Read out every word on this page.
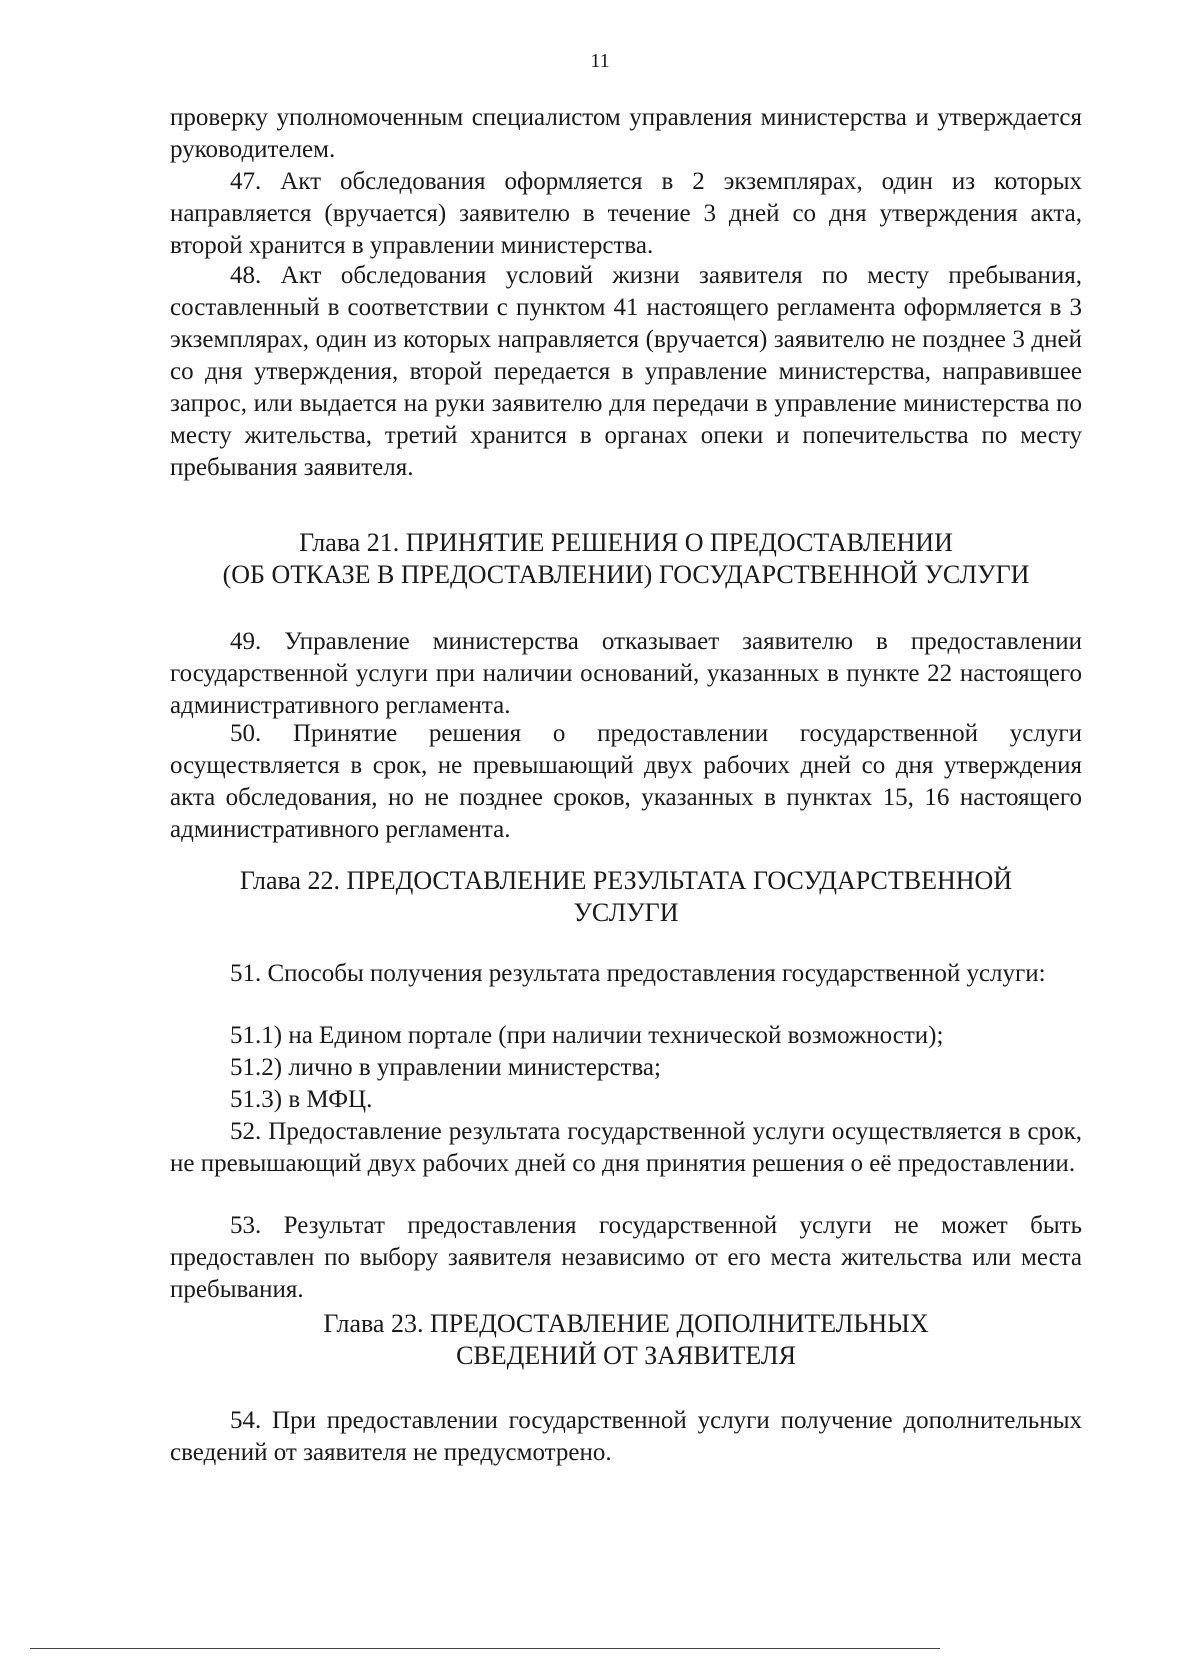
11

проверку уполномоченным специалистом управления министерства и утверждается руководителем.

47. Акт обследования оформляется в 2 экземплярах, один из которых направляется (вручается) заявителю в течение 3 дней со дня утверждения акта, второй хранится в управлении министерства.

48. Акт обследования условий жизни заявителя по месту пребывания, составленный в соответствии с пунктом 41 настоящего регламента оформляется в 3 экземплярах, один из которых направляется (вручается) заявителю не позднее 3 дней со дня утверждения, второй передается в управление министерства, направившее запрос, или выдается на руки заявителю для передачи в управление министерства по месту жительства, третий хранится в органах опеки и попечительства по месту пребывания заявителя.

Глава 21. ПРИНЯТИЕ РЕШЕНИЯ О ПРЕДОСТАВЛЕНИИ
(ОБ ОТКАЗЕ В ПРЕДОСТАВЛЕНИИ) ГОСУДАРСТВЕННОЙ УСЛУГИ

49. Управление министерства отказывает заявителю в предоставлении государственной услуги при наличии оснований, указанных в пункте 22 настоящего административного регламента.

50. Принятие решения о предоставлении государственной услуги осуществляется в срок, не превышающий двух рабочих дней со дня утверждения акта обследования, но не позднее сроков, указанных в пунктах 15, 16 настоящего административного регламента.

Глава 22. ПРЕДОСТАВЛЕНИЕ РЕЗУЛЬТАТА ГОСУДАРСТВЕННОЙ
УСЛУГИ

51. Способы получения результата предоставления государственной услуги:

51.1) на Едином портале (при наличии технической возможности);

51.2) лично в управлении министерства;

51.3) в МФЦ.

52. Предоставление результата государственной услуги осуществляется в срок, не превышающий двух рабочих дней со дня принятия решения о её предоставлении.

53. Результат предоставления государственной услуги не может быть предоставлен по выбору заявителя независимо от его места жительства или места пребывания.

Глава 23. ПРЕДОСТАВЛЕНИЕ ДОПОЛНИТЕЛЬНЫХ
СВЕДЕНИЙ ОТ ЗАЯВИТЕЛЯ

54. При предоставлении государственной услуги получение дополнительных сведений от заявителя не предусмотрено.
